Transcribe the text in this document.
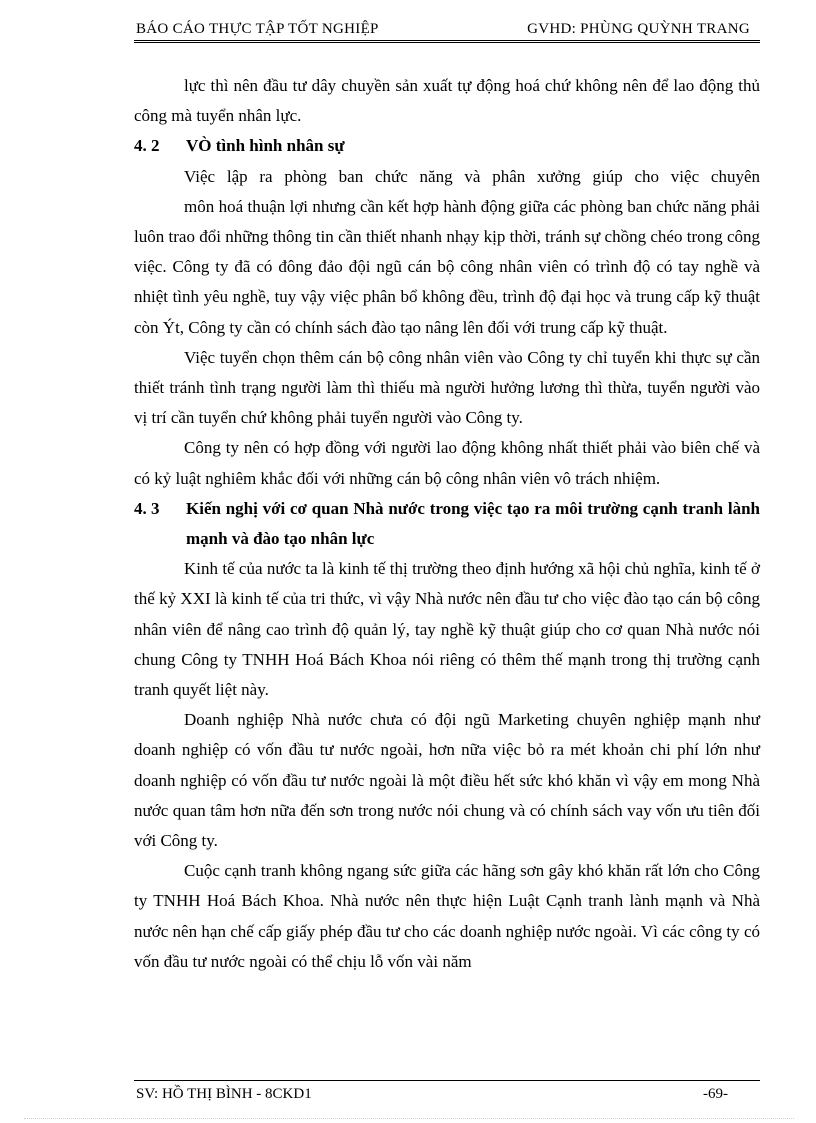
BÁO CÁO THỰC TẬP TỐT NGHIỆP	GVHD: PHÙNG QUỲNH TRANG

lực thì nên đầu tư dây chuyền sản xuất tự động hoá chứ không nên để lao động thủ công mà tuyển nhân lực.

4. 2	VÒ tình hình nhân sự

Việc lập ra phòng ban chức năng và phân xưởng giúp cho việc chuyên

môn hoá thuận lợi nhưng cần kết hợp hành động giữa các phòng ban chức năng phải luôn trao đổi những thông tin cần thiết nhanh nhạy kịp thời, tránh sự chồng chéo trong công việc. Công ty đã có đông đảo đội ngũ cán bộ công nhân viên có trình độ có tay nghề và nhiệt tình yêu nghề, tuy vậy việc phân bổ không đều, trình độ đại học và trung cấp kỹ thuật còn Ýt, Công ty cần có chính sách đào tạo nâng lên đối với trung cấp kỹ thuật.

Việc tuyển chọn thêm cán bộ công nhân viên vào Công ty chỉ tuyển khi thực sự cần thiết tránh tình trạng người làm thì thiếu mà người hưởng lương thì thừa, tuyển người vào vị trí cần tuyển chứ không phải tuyển người vào Công ty.

Công ty nên có hợp đồng với người lao động không nhất thiết phải vào biên chế và có kỷ luật nghiêm khắc đối với những cán bộ công nhân viên vô trách nhiệm.

4. 3	Kiến nghị với cơ quan Nhà nước trong việc tạo ra môi trường cạnh tranh lành mạnh và đào tạo nhân lực

Kinh tế của nước ta là kinh tế thị trường theo định hướng xã hội chủ nghĩa, kinh tế ở thế kỷ XXI là kinh tế của tri thức, vì vậy Nhà nước nên đầu tư cho việc đào tạo cán bộ công nhân viên để nâng cao trình độ quản lý, tay nghề kỹ thuật giúp cho cơ quan Nhà nước nói chung Công ty TNHH Hoá Bách Khoa nói riêng có thêm thế mạnh trong thị trường cạnh tranh quyết liệt này.

Doanh nghiệp Nhà nước chưa có đội ngũ Marketing chuyên nghiệp mạnh như doanh nghiệp có vốn đầu tư nước ngoài, hơn nữa việc bỏ ra mét khoản chi phí lớn như doanh nghiệp có vốn đầu tư nước ngoài là một điều hết sức khó khăn vì vậy em mong Nhà nước quan tâm hơn nữa đến sơn trong nước nói chung và có chính sách vay vốn ưu tiên đối với Công ty.

Cuộc cạnh tranh không ngang sức giữa các hãng sơn gây khó khăn rất lớn cho Công ty TNHH Hoá Bách Khoa. Nhà nước nên thực hiện Luật Cạnh tranh lành mạnh và Nhà nước nên hạn chế cấp giấy phép đầu tư cho các doanh nghiệp nước ngoài. Vì các công ty có vốn đầu tư nước ngoài có thể chịu lỗ vốn vài năm

SV: HỒ THỊ BÌNH - 8CKD1	-69-
